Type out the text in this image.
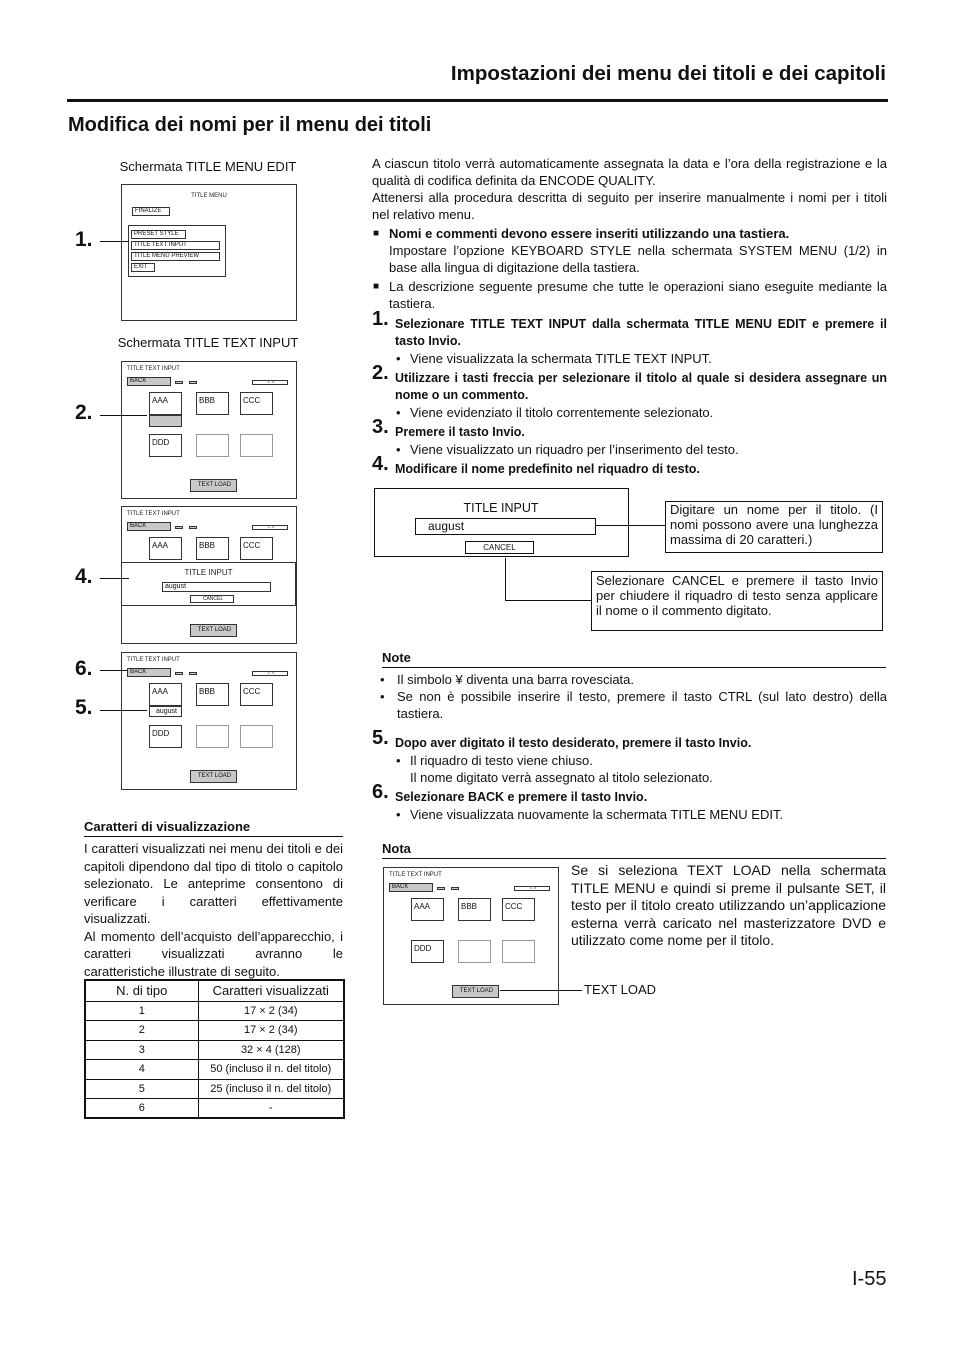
Impostazioni dei menu dei titoli e dei capitoli
Modifica dei nomi per il menu dei titoli
Schermata TITLE MENU EDIT
TITLE MENU
FINALIZE
PRESET STYLE
TITLE TEXT INPUT
TITLE MENU PREVIEW
EXIT
Schermata TITLE TEXT INPUT
TITLE TEXT INPUT
BACK	1 - 6
AAA	BBB	CCC
DDD
TEXT LOAD
TITLE TEXT INPUT
BACK	1 - 6
AAA	BBB	CCC
TEXT LOAD
TITLE INPUT
august
CANCEL
TITLE TEXT INPUT
BACK	1 - 6
AAA	BBB	CCC
DDD
august
TEXT LOAD
TITLE TEXT INPUT
BACK	1 - 6
AAA	BBB	CCC
DDD
TEXT LOAD
1.
2.
4.
6.
5.
Caratteri di visualizzazione

I caratteri visualizzati nei menu dei titoli e dei capitoli dipendono dal tipo di titolo o capitolo selezionato. Le anteprime consentono di verificare i caratteri effettivamente visualizzati.

Al momento dell’acquisto dell’apparecchio, i caratteri visualizzati avranno le caratteristiche illustrate di seguito.

N. di tipo	Caratteri visualizzati
1	17 × 2 (34)
2	17 × 2 (34)
3	32 × 4 (128)
4	50 (incluso il n. del titolo)
5	25 (incluso il n. del titolo)
6	-

A ciascun titolo verrà automaticamente assegnata la data e l’ora della registrazione e la qualità di codifica definita da ENCODE QUALITY.

Attenersi alla procedura descritta di seguito per inserire manualmente i nomi per i titoli nel relativo menu.

■ Nomi e commenti devono essere inseriti utilizzando una tastiera.
Impostare l’opzione KEYBOARD STYLE nella schermata SYSTEM MENU (1/2) in base alla lingua di digitazione della tastiera.
■ La descrizione seguente presume che tutte le operazioni siano eseguite mediante la tastiera.
1. Selezionare TITLE TEXT INPUT dalla schermata TITLE MENU EDIT e premere il tasto Invio.
• Viene visualizzata la schermata TITLE TEXT INPUT.
2. Utilizzare i tasti freccia per selezionare il titolo al quale si desidera assegnare un nome o un commento.
• Viene evidenziato il titolo correntemente selezionato.
3. Premere il tasto Invio.
• Viene visualizzato un riquadro per l’inserimento del testo.
4. Modificare il nome predefinito nel riquadro di testo.
TITLE INPUT
august
CANCEL
Digitare un nome per il titolo. (I nomi possono avere una lunghezza massima di 20 caratteri.)
Selezionare CANCEL e premere il tasto Invio per chiudere il riquadro di testo senza applicare il nome o il commento digitato.
Note
• Il simbolo ¥ diventa una barra rovesciata.
• Se non è possibile inserire il testo, premere il tasto CTRL (sul lato destro) della tastiera.
5. Dopo aver digitato il testo desiderato, premere il tasto Invio.
• Il riquadro di testo viene chiuso.
Il nome digitato verrà assegnato al titolo selezionato.
6. Selezionare BACK e premere il tasto Invio.
• Viene visualizzata nuovamente la schermata TITLE MENU EDIT.
Nota
Se si seleziona TEXT LOAD nella schermata TITLE MENU e quindi si preme il pulsante SET, il testo per il titolo creato utilizzando un’applicazione esterna verrà caricato nel masterizzatore DVD e utilizzato come nome per il titolo.
TEXT LOAD
I-55
